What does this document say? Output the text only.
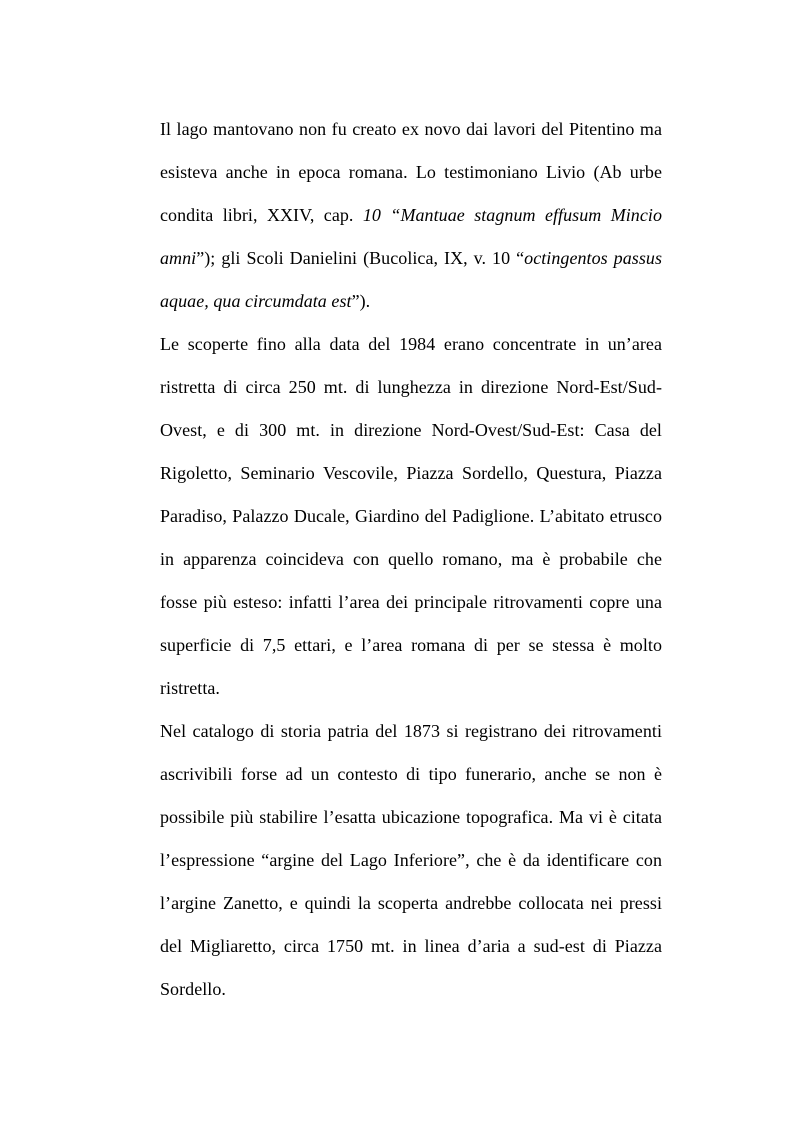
Il lago mantovano non fu creato ex novo dai lavori del Pitentino ma esisteva anche in epoca romana. Lo testimoniano Livio (Ab urbe condita libri, XXIV, cap. 10 “Mantuae stagnum effusum Mincio amni”); gli Scoli Danielini (Bucolica, IX, v. 10 “octingentos passus aquae, qua circumdata est”).

Le scoperte fino alla data del 1984 erano concentrate in un’area ristretta di circa 250 mt. di lunghezza in direzione Nord-Est/Sud-Ovest, e di 300 mt. in direzione Nord-Ovest/Sud-Est: Casa del Rigoletto, Seminario Vescovile, Piazza Sordello, Questura, Piazza Paradiso, Palazzo Ducale, Giardino del Padiglione. L’abitato etrusco in apparenza coincideva con quello romano, ma è probabile che fosse più esteso: infatti l’area dei principale ritrovamenti copre una superficie di 7,5 ettari, e l’area romana di per se stessa è molto ristretta.

Nel catalogo di storia patria del 1873 si registrano dei ritrovamenti ascrivibili forse ad un contesto di tipo funerario, anche se non è possibile più stabilire l’esatta ubicazione topografica. Ma vi è citata l’espressione “argine del Lago Inferiore”, che è da identificare con l’argine Zanetto, e quindi la scoperta andrebbe collocata nei pressi del Migliaretto, circa 1750 mt. in linea d’aria a sud-est di Piazza Sordello.
